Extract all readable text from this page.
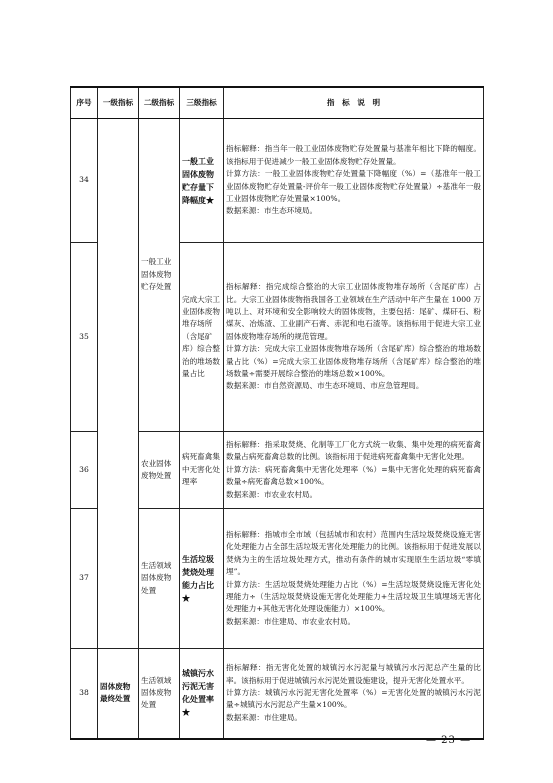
序号	一级指标	二级指标	三级指标	指　标　说　明
34		一般工业固体废物贮存处置	一般工业固体废物贮存量下降幅度★	指标解释：指当年一般工业固体废物贮存处置量与基准年相比下降的幅度。该指标用于促进减少一般工业固体废物贮存处置量。
计算方法：一般工业固体废物贮存处置量下降幅度（%）=（基准年一般工业固体废物贮存处置量-评价年一般工业固体废物贮存处置量）÷基准年一般工业固体废物贮存处置量×100%。
数据来源：市生态环境局。

35			完成大宗工业固体废物堆存场所（含尾矿库）综合整治的堆场数量占比	指标解释：指完成综合整治的大宗工业固体废物堆存场所（含尾矿库）占比。大宗工业固体废物指我国各工业领域在生产活动中年产生量在 1000 万吨以上、对环境和安全影响较大的固体废物，主要包括：尾矿、煤矸石、粉煤灰、冶炼渣、工业副产石膏、赤泥和电石渣等。该指标用于促进大宗工业固体废物堆存场所的规范管理。
计算方法：完成大宗工业固体废物堆存场所（含尾矿库）综合整治的堆场数量占比（%）=完成大宗工业固体废物堆存场所（含尾矿库）综合整治的堆场数量÷需要开展综合整治的堆场总数×100%。
数据来源：市自然资源局、市生态环境局、市应急管理局。

36		农业固体废物处置	病死畜禽集中无害化处理率	指标解释：指采取焚烧、化制等工厂化方式统一收集、集中处理的病死畜禽数量占病死畜禽总数的比例。该指标用于促进病死畜禽集中无害化处理。
计算方法：病死畜禽集中无害化处理率（%）=集中无害化处理的病死畜禽数量÷病死畜禽总数×100%。
数据来源：市农业农村局。

37		生活领域固体废物处置	生活垃圾焚烧处理能力占比★	指标解释：指城市全市域（包括城市和农村）范围内生活垃圾焚烧设施无害化处理能力占全部生活垃圾无害化处理能力的比例。该指标用于促进发展以焚烧为主的生活垃圾处理方式，推动有条件的城市实现原生生活垃圾“零填埋”。
计算方法：生活垃圾焚烧处理能力占比（%）=生活垃圾焚烧设施无害化处理能力÷（生活垃圾焚烧设施无害化处理能力+生活垃圾卫生填埋场无害化处理能力+其他无害化处理设施能力）×100%。
数据来源：市住建局、市农业农村局。

38	固体废物最终处置	生活领域固体废物处置	城镇污水污泥无害化处置率★	指标解释：指无害化处置的城镇污水污泥量与城镇污水污泥总产生量的比率。该指标用于促进城镇污水污泥处置设施建设，提升无害化处置水平。
计算方法：城镇污水污泥无害化处置率（%）=无害化处置的城镇污水污泥量÷城镇污水污泥总产生量×100%。
数据来源：市住建局。
— 23 —
